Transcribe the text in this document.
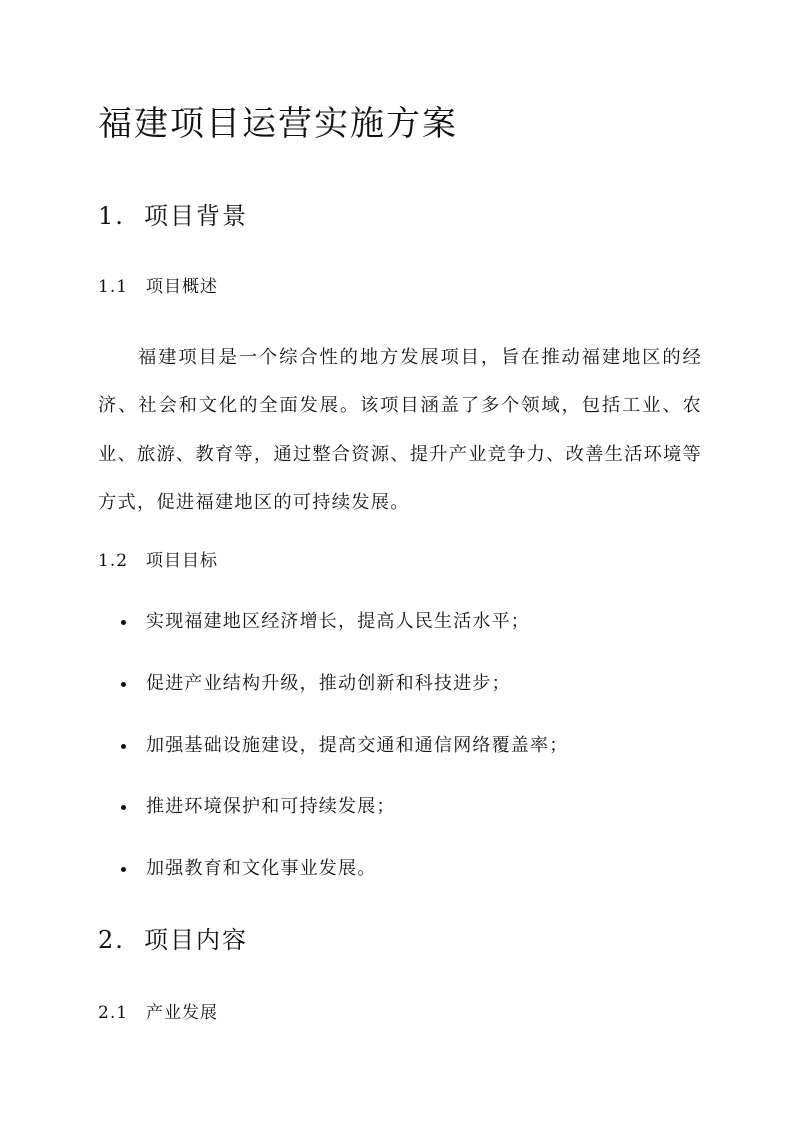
福建项目运营实施方案
1. 项目背景
1.1 项目概述

福建项目是一个综合性的地方发展项目，旨在推动福建地区的经济、社会和文化的全面发展。该项目涵盖了多个领域，包括工业、农业、旅游、教育等，通过整合资源、提升产业竞争力、改善生活环境等方式，促进福建地区的可持续发展。

1.2 项目目标
实现福建地区经济增长，提高人民生活水平；
促进产业结构升级，推动创新和科技进步；
加强基础设施建设，提高交通和通信网络覆盖率；
推进环境保护和可持续发展；
加强教育和文化事业发展。
2. 项目内容
2.1 产业发展
